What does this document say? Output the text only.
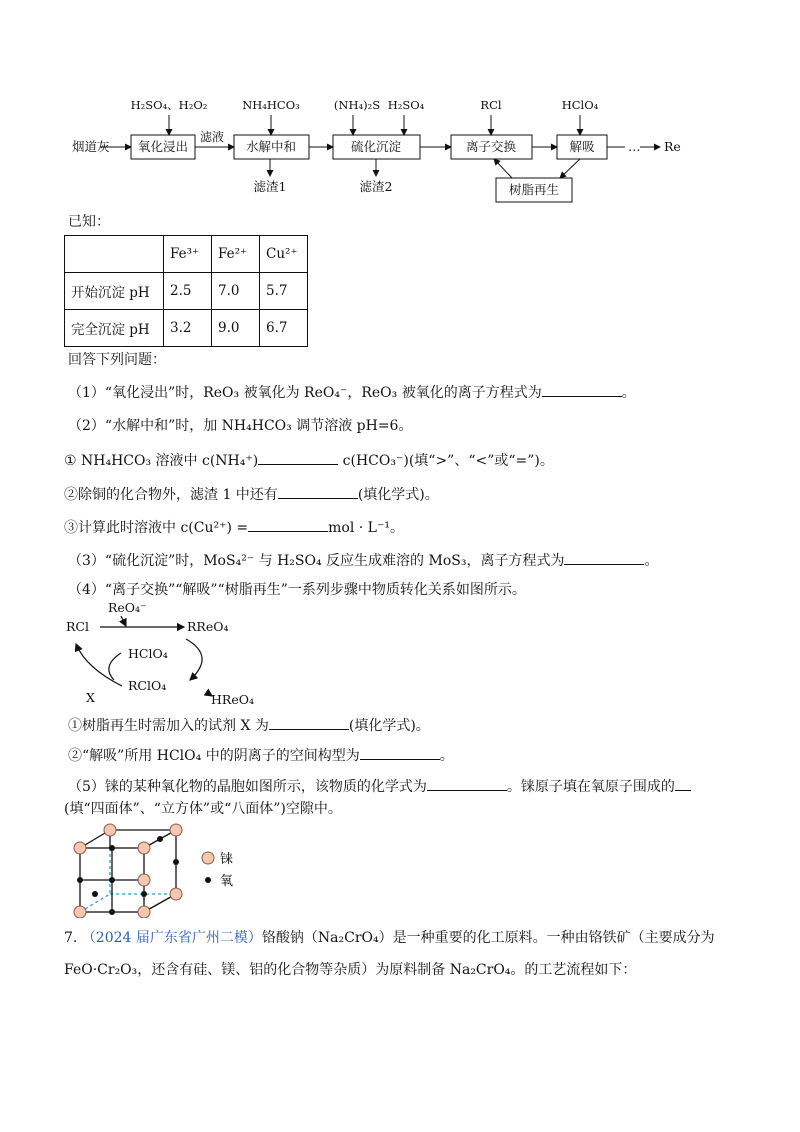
烟道灰 氧化浸出	水解中和	硫化沉淀	离子交换	解吸
树脂再生
滤液
H₂SO₄、H₂O₂	NH₄HCO₃	(NH₄)₂S H₂SO₄	RCl	HClO₄
滤渣1	滤渣2
… Re
已知：
	Fe³⁺	Fe²⁺	Cu²⁺
开始沉淀 pH	2.5	7.0	5.7
完全沉淀 pH	3.2	9.0	6.7
回答下列问题：
（1）“氧化浸出”时，ReO₃ 被氧化为 ReO₄⁻，ReO₃ 被氧化的离子方程式为	。
（2）“水解中和”时，加 NH₄HCO₃ 调节溶液 pH=6。
① NH₄HCO₃ 溶液中 c(NH₄⁺)	c(HCO₃⁻)(填“>”、“<”或“=”)。
②除铜的化合物外，滤渣 1 中还有	(填化学式)。
③计算此时溶液中 c(Cu²⁺) =	mol · L⁻¹。
（3）“硫化沉淀”时，MoS₄²⁻ 与 H₂SO₄ 反应生成难溶的 MoS₃，离子方程式为	。
（4）“离子交换”“解吸”“树脂再生”一系列步骤中物质转化关系如图所示。
RCl
ReO₄⁻
RReO₄
HClO₄
X
RClO₄
HReO₄
①树脂再生时需加入的试剂 X 为	(填化学式)。
②“解吸”所用 HClO₄ 中的阴离子的空间构型为	。
（5）铼的某种氧化物的晶胞如图所示，该物质的化学式为	。铼原子填在氧原子围成的
(填“四面体”、“立方体”或“八面体”)空隙中。
铼
氧
7. （2024 届广东省广州二模）铬酸钠（Na₂CrO₄）是一种重要的化工原料。一种由铬铁矿（主要成分为
FeO·Cr₂O₃，还含有硅、镁、铝的化合物等杂质）为原料制备 Na₂CrO₄。的工艺流程如下：
